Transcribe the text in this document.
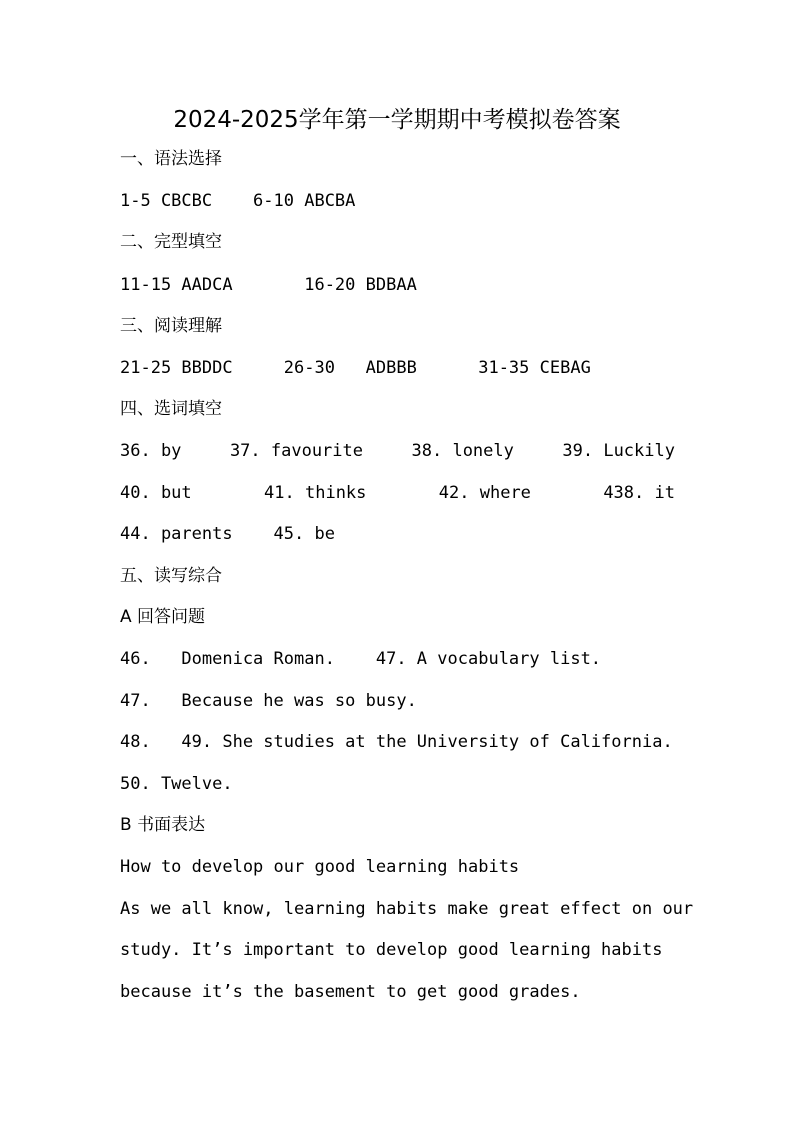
2024-2025学年第一学期期中考模拟卷答案
一、语法选择
1-5 CBCBC    6-10 ABCBA
二、完型填空
11-15 AADCA       16-20 BDBAA
三、阅读理解
21-25 BBDDC     26-30   ADBBB      31-35 CEBAG
四、选词填空
36. by	37. favourite	38. lonely	39. Luckily
40. but	41. thinks	42. where	438. it
44. parents    45. be
五、读写综合
A 回答问题
46.   Domenica Roman.    47. A vocabulary list.
47.   Because he was so busy.
48.   49. She studies at the University of California.
50. Twelve.
B 书面表达
How to develop our good learning habits
As we all know, learning habits make great effect on our
study. It’s important to develop good learning habits
because it’s the basement to get good grades.
